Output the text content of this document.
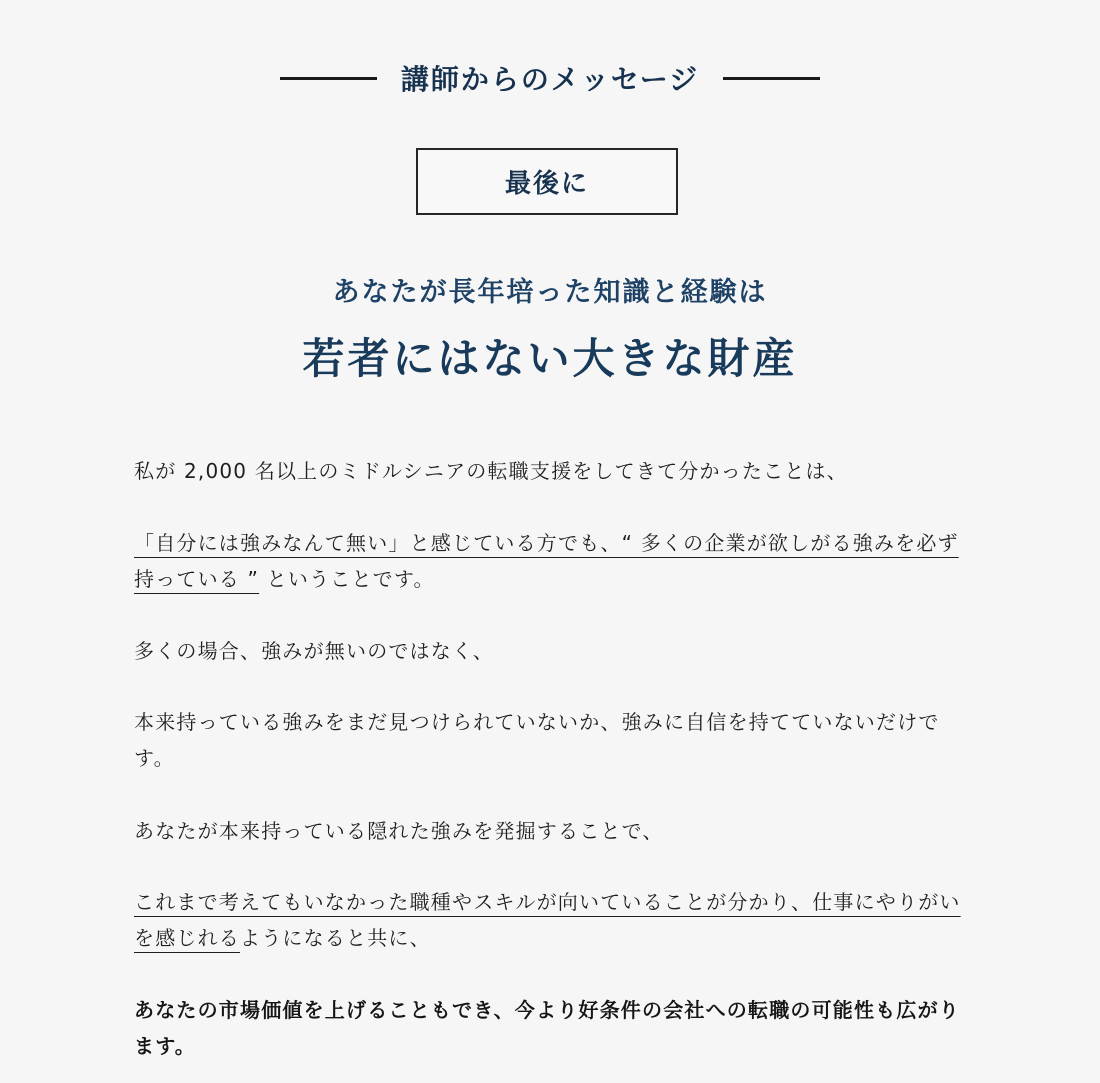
講師からのメッセージ
最後に
あなたが長年培った知識と経験は
若者にはない大きな財産
私が 2,000 名以上のミドルシニアの転職支援をしてきて分かったことは、
「自分には強みなんて無い」と感じている方でも、“ 多くの企業が欲しがる強みを必ず持っている ” ということです。
多くの場合、強みが無いのではなく、
本来持っている強みをまだ見つけられていないか、強みに自信を持てていないだけです。
あなたが本来持っている隠れた強みを発掘することで、
これまで考えてもいなかった職種やスキルが向いていることが分かり、仕事にやりがいを感じれるようになると共に、
あなたの市場価値を上げることもでき、今より好条件の会社への転職の可能性も広がります。
